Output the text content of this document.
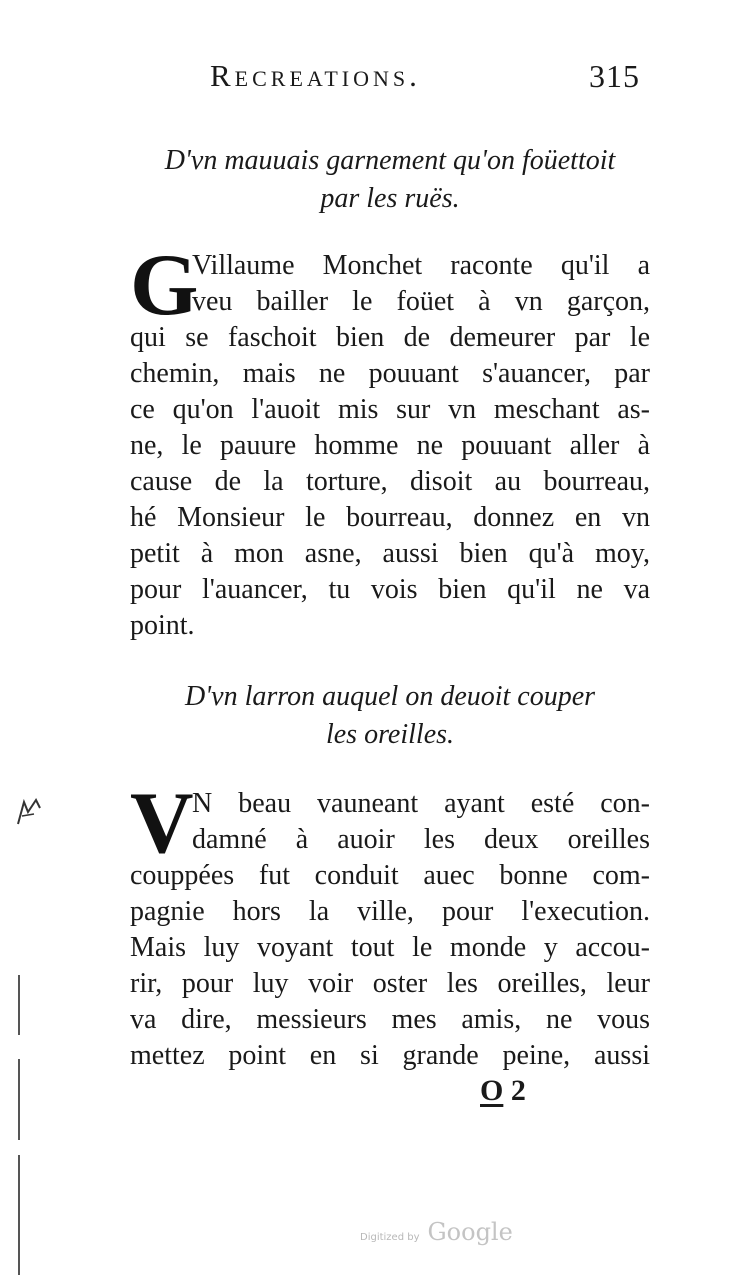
Recreations.	315
D'vn mauuais garnement qu'on foüettoit
par les ruës.
G
Villaume Monchet raconte qu'il a
veu bailler le foüet à vn garçon,
qui se faschoit bien de demeurer par le
chemin, mais ne pouuant s'auancer, par
ce qu'on l'auoit mis sur vn meschant as-
ne, le pauure homme ne pouuant aller à
cause de la torture, disoit au bourreau,
hé Monsieur le bourreau, donnez en vn
petit à mon asne, aussi bien qu'à moy,
pour l'auancer, tu vois bien qu'il ne va
point.
D'vn larron auquel on deuoit couper
les oreilles.
V
N beau vauneant ayant esté con-
damné à auoir les deux oreilles
couppées fut conduit auec bonne com-
pagnie hors la ville, pour l'execution.
Mais luy voyant tout le monde y accou-
rir, pour luy voir oster les oreilles, leur
va dire, messieurs mes amis, ne vous
mettez point en si grande peine, aussi
O 2
Digitized by Google
